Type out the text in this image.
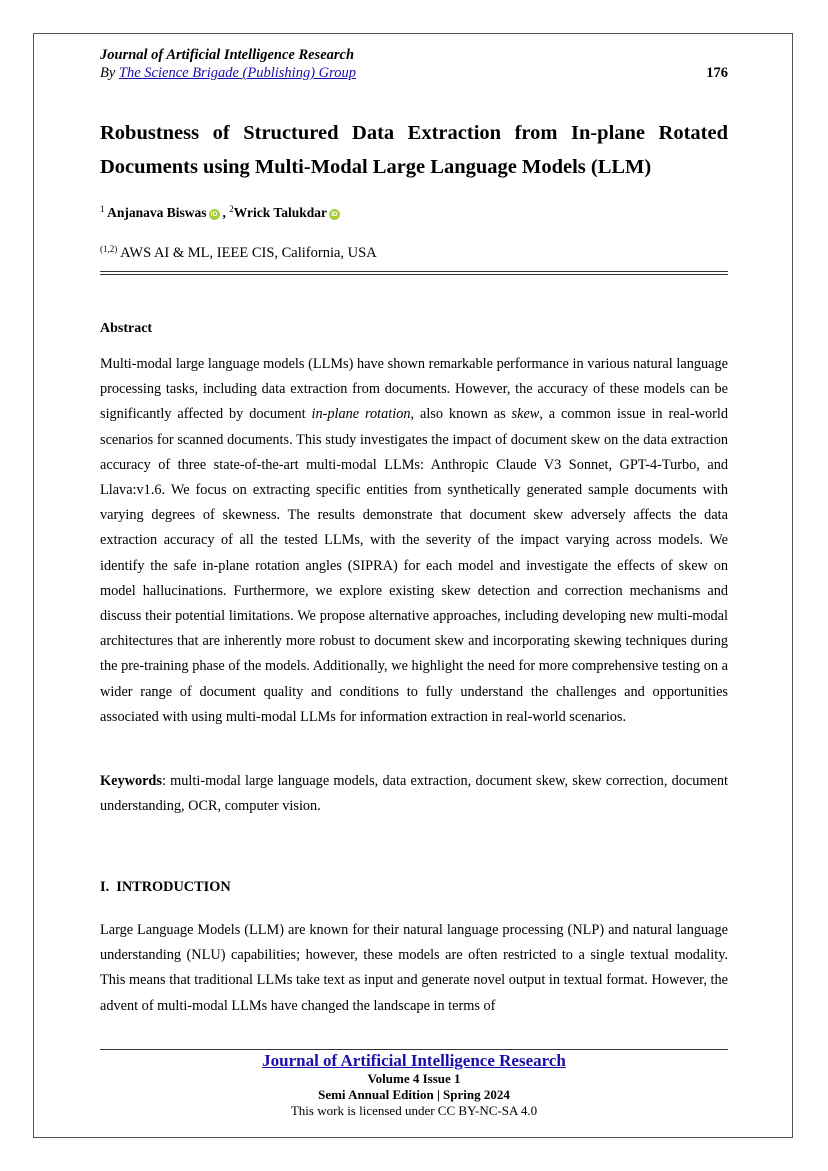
Journal of Artificial Intelligence Research
By The Science Brigade (Publishing) Group	176
Robustness of Structured Data Extraction from In-plane Rotated Documents using Multi-Modal Large Language Models (LLM)
$^1$ Anjanava Biswas iD , $^2$Wrick Talukdar iD
$^{(1,2)}$ AWS AI & ML, IEEE CIS, California, USA
Abstract
Multi-modal large language models (LLMs) have shown remarkable performance in various natural language processing tasks, including data extraction from documents. However, the accuracy of these models can be significantly affected by document in-plane rotation, also known as skew, a common issue in real-world scenarios for scanned documents. This study investigates the impact of document skew on the data extraction accuracy of three state-of-the-art multi-modal LLMs: Anthropic Claude V3 Sonnet, GPT-4-Turbo, and Llava:v1.6. We focus on extracting specific entities from synthetically generated sample documents with varying degrees of skewness. The results demonstrate that document skew adversely affects the data extraction accuracy of all the tested LLMs, with the severity of the impact varying across models. We identify the safe in-plane rotation angles (SIPRA) for each model and investigate the effects of skew on model hallucinations. Furthermore, we explore existing skew detection and correction mechanisms and discuss their potential limitations. We propose alternative approaches, including developing new multi-modal architectures that are inherently more robust to document skew and incorporating skewing techniques during the pre-training phase of the models. Additionally, we highlight the need for more comprehensive testing on a wider range of document quality and conditions to fully understand the challenges and opportunities associated with using multi-modal LLMs for information extraction in real-world scenarios.
Keywords: multi-modal large language models, data extraction, document skew, skew correction, document understanding, OCR, computer vision.
I.  INTRODUCTION
Large Language Models (LLM) are known for their natural language processing (NLP) and natural language understanding (NLU) capabilities; however, these models are often restricted to a single textual modality. This means that traditional LLMs take text as input and generate novel output in textual format. However, the advent of multi-modal LLMs have changed the landscape in terms of
Journal of Artificial Intelligence Research
Volume 4 Issue 1
Semi Annual Edition | Spring 2024
This work is licensed under CC BY-NC-SA 4.0
